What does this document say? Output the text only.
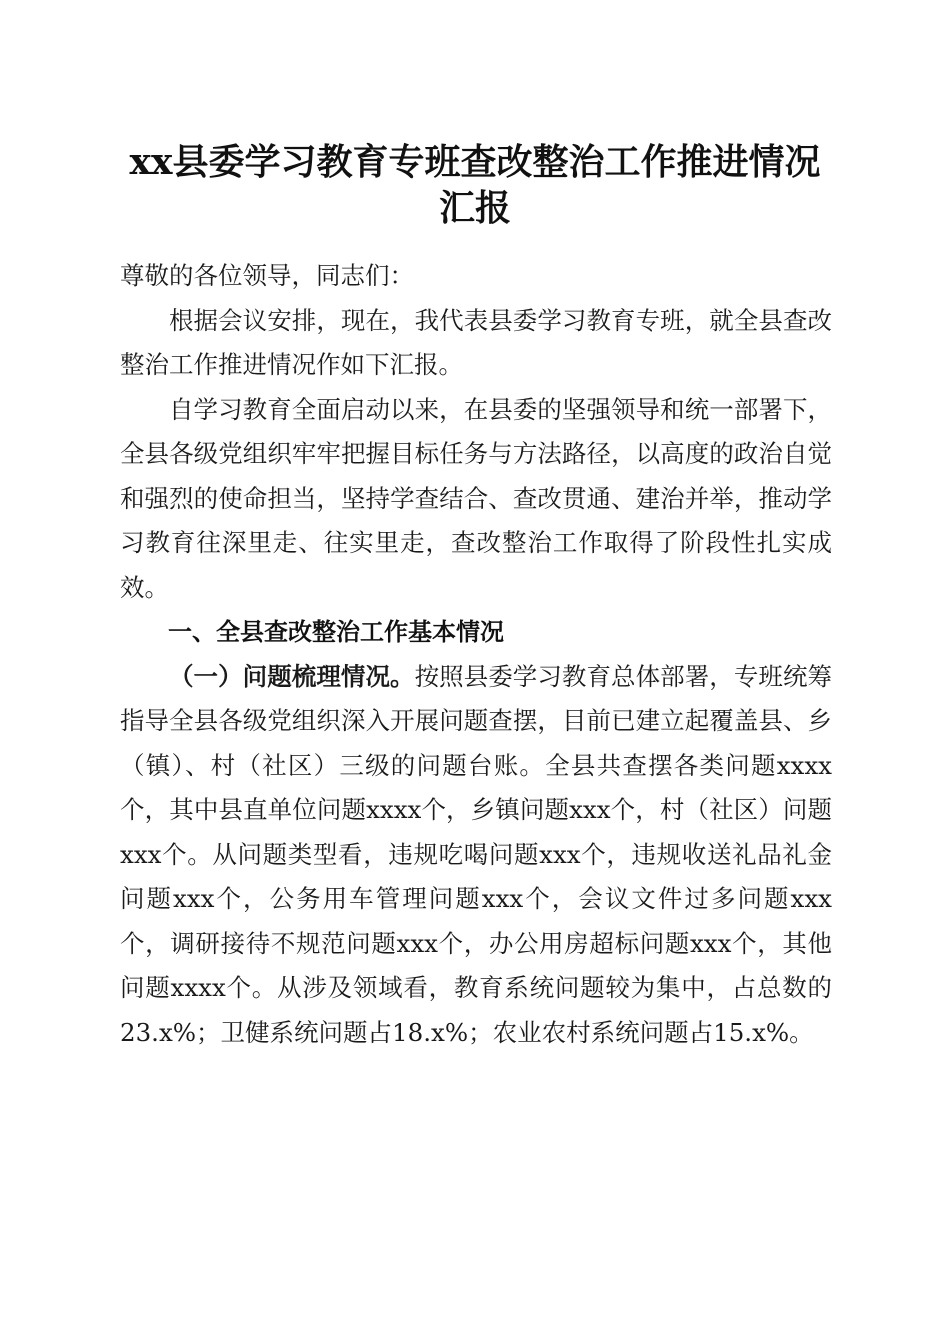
xx县委学习教育专班查改整治工作推进情况
汇报

尊敬的各位领导，同志们：

根据会议安排，现在，我代表县委学习教育专班，就全县查改整治工作推进情况作如下汇报。

自学习教育全面启动以来，在县委的坚强领导和统一部署下，全县各级党组织牢牢把握目标任务与方法路径，以高度的政治自觉和强烈的使命担当，坚持学查结合、查改贯通、建治并举，推动学习教育往深里走、往实里走，查改整治工作取得了阶段性扎实成效。

一、全县查改整治工作基本情况

（一）问题梳理情况。按照县委学习教育总体部署，专班统筹指导全县各级党组织深入开展问题查摆，目前已建立起覆盖县、乡（镇）、村（社区）三级的问题台账。全县共查摆各类问题xxxx个，其中县直单位问题xxxx个，乡镇问题xxx个，村（社区）问题xxx个。从问题类型看，违规吃喝问题xxx个，违规收送礼品礼金问题xxx个，公务用车管理问题xxx个，会议文件过多问题xxx个，调研接待不规范问题xxx个，办公用房超标问题xxx个，其他问题xxxx个。从涉及领域看，教育系统问题较为集中，占总数的23.x%；卫健系统问题占18.x%；农业农村系统问题占15.x%。
